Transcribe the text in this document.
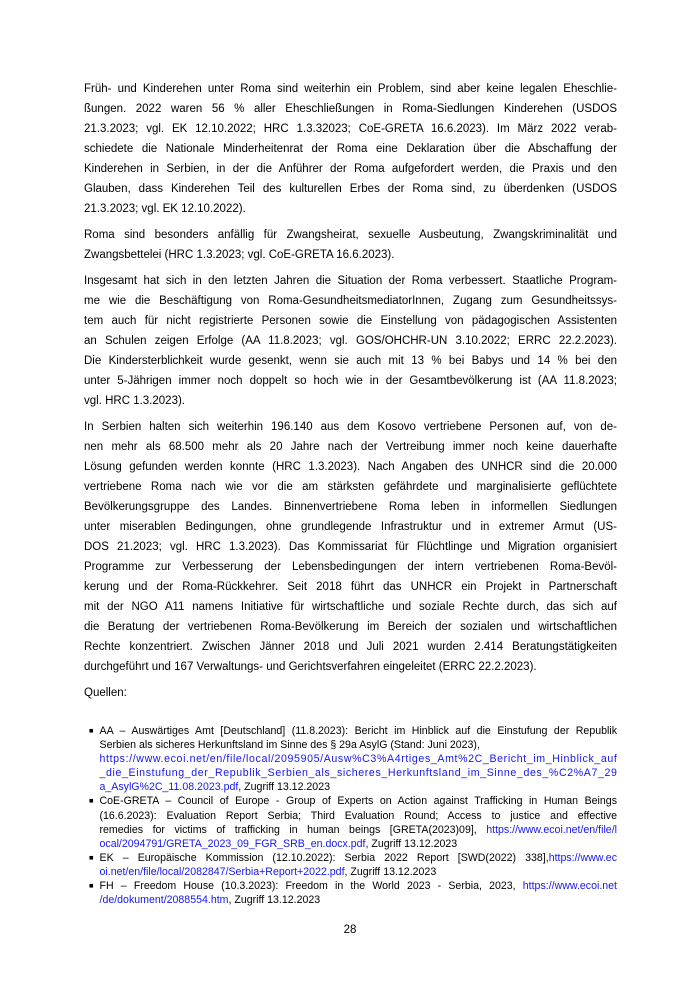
Früh- und Kinderehen unter Roma sind weiterhin ein Problem, sind aber keine legalen Eheschlie-
ßungen. 2022 waren 56 % aller Eheschließungen in Roma-Siedlungen Kinderehen (USDOS
21.3.2023; vgl. EK 12.10.2022; HRC 1.3.32023; CoE-GRETA 16.6.2023). Im März 2022 verab-
schiedete die Nationale Minderheitenrat der Roma eine Deklaration über die Abschaffung der
Kinderehen in Serbien, in der die Anführer der Roma aufgefordert werden, die Praxis und den
Glauben, dass Kinderehen Teil des kulturellen Erbes der Roma sind, zu überdenken (USDOS
21.3.2023; vgl. EK 12.10.2022).
Roma sind besonders anfällig für Zwangsheirat, sexuelle Ausbeutung, Zwangskriminalität und
Zwangsbettelei (HRC 1.3.2023; vgl. CoE-GRETA 16.6.2023).
Insgesamt hat sich in den letzten Jahren die Situation der Roma verbessert. Staatliche Program-
me wie die Beschäftigung von Roma-GesundheitsmediatorInnen, Zugang zum Gesundheitssys-
tem auch für nicht registrierte Personen sowie die Einstellung von pädagogischen Assistenten
an Schulen zeigen Erfolge (AA 11.8.2023; vgl. GOS/OHCHR-UN 3.10.2022; ERRC 22.2.2023).
Die Kindersterblichkeit wurde gesenkt, wenn sie auch mit 13 % bei Babys und 14 % bei den
unter 5-Jährigen immer noch doppelt so hoch wie in der Gesamtbevölkerung ist (AA 11.8.2023;
vgl. HRC 1.3.2023).
In Serbien halten sich weiterhin 196.140 aus dem Kosovo vertriebene Personen auf, von de-
nen mehr als 68.500 mehr als 20 Jahre nach der Vertreibung immer noch keine dauerhafte
Lösung gefunden werden konnte (HRC 1.3.2023). Nach Angaben des UNHCR sind die 20.000
vertriebene Roma nach wie vor die am stärksten gefährdete und marginalisierte geflüchtete
Bevölkerungsgruppe des Landes. Binnenvertriebene Roma leben in informellen Siedlungen
unter miserablen Bedingungen, ohne grundlegende Infrastruktur und in extremer Armut (US-
DOS 21.2023; vgl. HRC 1.3.2023). Das Kommissariat für Flüchtlinge und Migration organisiert
Programme zur Verbesserung der Lebensbedingungen der intern vertriebenen Roma-Bevöl-
kerung und der Roma-Rückkehrer. Seit 2018 führt das UNHCR ein Projekt in Partnerschaft
mit der NGO A11 namens Initiative für wirtschaftliche und soziale Rechte durch, das sich auf
die Beratung der vertriebenen Roma-Bevölkerung im Bereich der sozialen und wirtschaftlichen
Rechte konzentriert. Zwischen Jänner 2018 und Juli 2021 wurden 2.414 Beratungstätigkeiten
durchgeführt und 167 Verwaltungs- und Gerichtsverfahren eingeleitet (ERRC 22.2.2023).
Quellen:
■ AA – Auswärtiges Amt [Deutschland] (11.8.2023): Bericht im Hinblick auf die Einstufung der Republik
Serbien als sicheres Herkunftsland im Sinne des § 29a AsylG (Stand: Juni 2023),
https://www.ecoi.net/en/file/local/2095905/Ausw%C3%A4rtiges_Amt%2C_Bericht_im_Hinblick_auf
_die_Einstufung_der_Republik_Serbien_als_sicheres_Herkunftsland_im_Sinne_des_%C2%A7_29
a_AsylG%2C_11.08.2023.pdf, Zugriff 13.12.2023
■ CoE-GRETA – Council of Europe - Group of Experts on Action against Trafficking in Human Beings
(16.6.2023): Evaluation Report Serbia; Third Evaluation Round; Access to justice and effective
remedies for victims of trafficking in human beings [GRETA(2023)09], https://www.ecoi.net/en/file/l
ocal/2094791/GRETA_2023_09_FGR_SRB_en.docx.pdf, Zugriff 13.12.2023
■ EK – Europäische Kommission (12.10.2022): Serbia 2022 Report [SWD(2022) 338],https://www.ec
oi.net/en/file/local/2082847/Serbia+Report+2022.pdf, Zugriff 13.12.2023
■ FH – Freedom House (10.3.2023): Freedom in the World 2023 - Serbia, 2023, https://www.ecoi.net
/de/dokument/2088554.htm, Zugriff 13.12.2023
28
